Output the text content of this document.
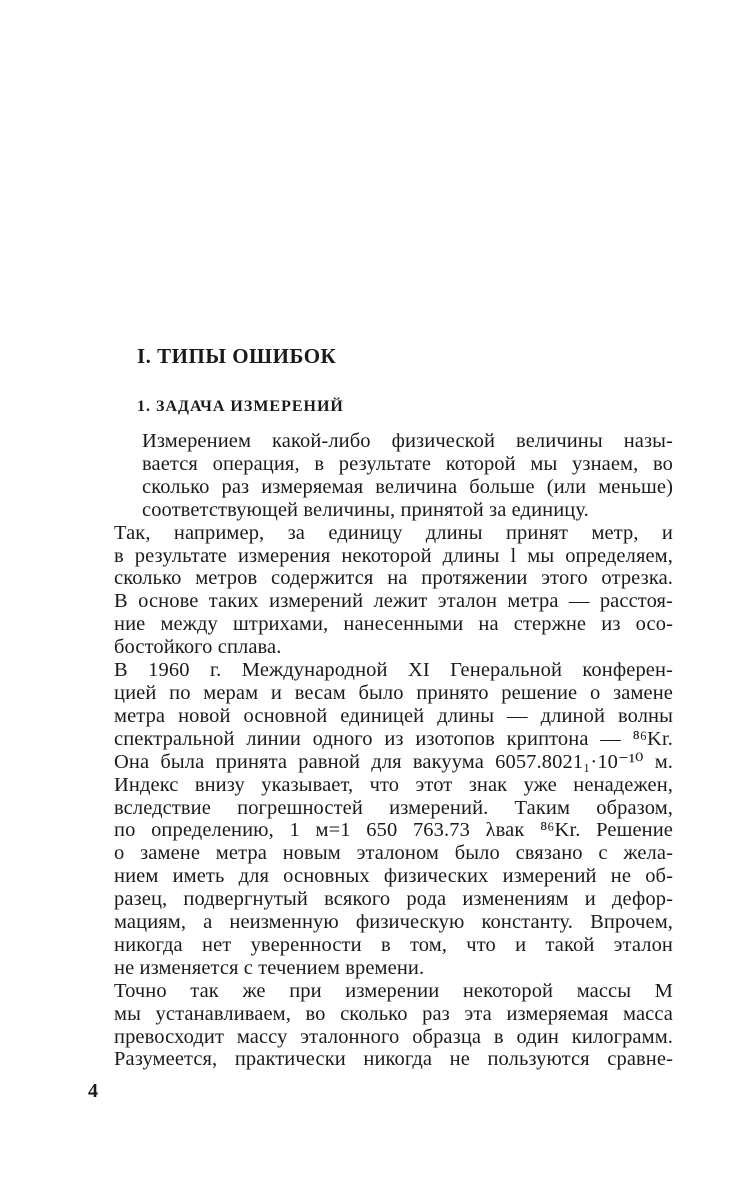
I. ТИПЫ ОШИБОК
1. ЗАДАЧА ИЗМЕРЕНИЙ

Измерением какой-либо физической величины назы-
вается операция, в результате которой мы узнаем, во
сколько раз измеряемая величина больше (или меньше)
соответствующей величины, принятой за единицу.

Так, например, за единицу длины принят метр, и
в результате измерения некоторой длины l мы определяем,
сколько метров содержится на протяжении этого отрезка.
В основе таких измерений лежит эталон метра — расстоя-
ние между штрихами, нанесенными на стержне из осо-
бостойкого сплава.

В 1960 г. Международной XI Генеральной конферен-
цией по мерам и весам было принято решение о замене
метра новой основной единицей длины — длиной волны
спектральной линии одного из изотопов криптона — ⁸⁶Kr.
Она была принята равной для вакуума 6057.8021₁·10⁻¹⁰ м.
Индекс внизу указывает, что этот знак уже ненадежен,
вследствие погрешностей измерений. Таким образом,
по определению, 1 м=1 650 763.73 λвак ⁸⁶Kr. Решение
о замене метра новым эталоном было связано с жела-
нием иметь для основных физических измерений не об-
разец, подвергнутый всякого рода изменениям и дефор-
мациям, а неизменную физическую константу. Впрочем,
никогда нет уверенности в том, что и такой эталон
не изменяется с течением времени.

Точно так же при измерении некоторой массы M
мы устанавливаем, во сколько раз эта измеряемая масса
превосходит массу эталонного образца в один килограмм.
Разумеется, практически никогда не пользуются сравне-

4
